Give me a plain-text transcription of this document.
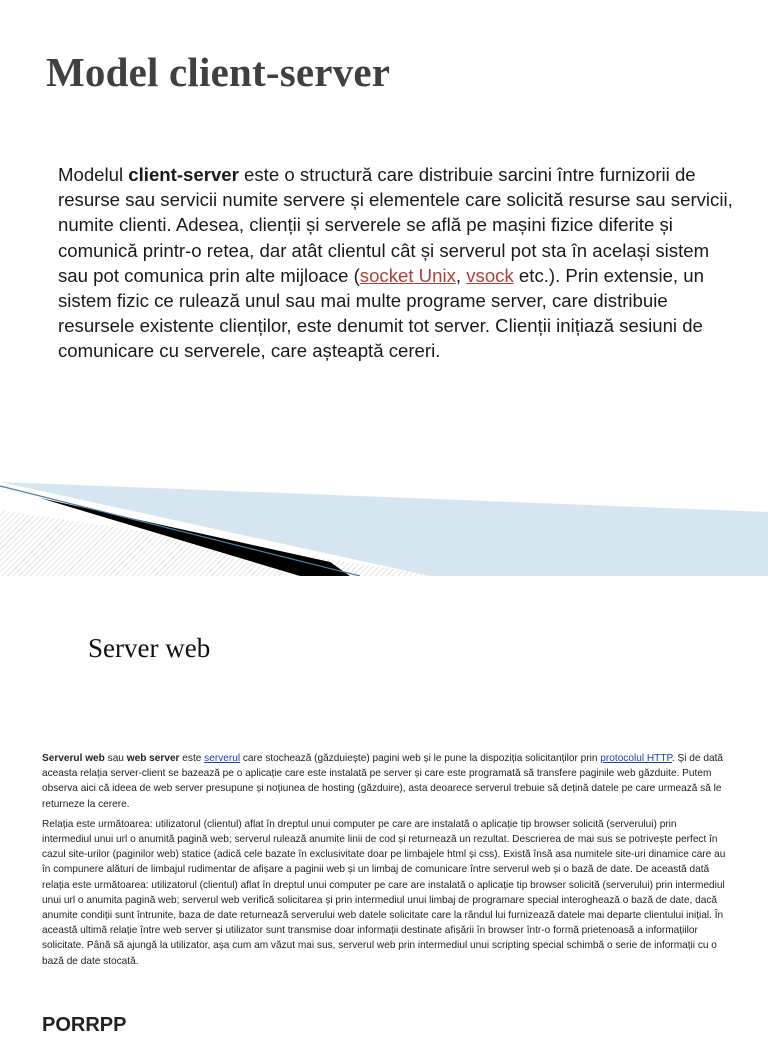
Model client-server

Modelul client-server este o structură care distribuie sarcini între furnizorii de resurse sau servicii numite servere și elementele care solicită resurse sau servicii, numite clienti. Adesea, clienții și serverele se află pe mașini fizice diferite și comunică printr-o retea, dar atât clientul cât și serverul pot sta în același sistem sau pot comunica prin alte mijloace (socket Unix, vsock etc.). Prin extensie, un sistem fizic ce rulează unul sau mai multe programe server, care distribuie resursele existente clienților, este denumit tot server. Clienții inițiază sesiuni de comunicare cu serverele, care așteaptă cereri.

Server web

Serverul web sau web server este serverul care stochează (găzduiește) pagini web și le pune la dispoziția solicitanților prin protocolul HTTP. Și de dată aceasta relația server-client se bazează pe o aplicație care este instalată pe server și care este programată să transfere paginile web găzduite. Putem observa aici că ideea de web server presupune și noțiunea de hosting (găzduire), asta deoarece serverul trebuie să dețină datele pe care urmează să le returneze la cerere.

Relația este următoarea: utilizatorul (clientul) aflat în dreptul unui computer pe care are instalată o aplicație tip browser solicită (serverului) prin intermediul unui url o anumită pagină web; serverul rulează anumite linii de cod și returnează un rezultat. Descrierea de mai sus se potrivește perfect în cazul site-urilor (paginilor web) statice (adică cele bazate în exclusivitate doar pe limbajele html și css). Există însă asa numitele site-uri dinamice care au în compunere alături de limbajul rudimentar de afișare a paginii web și un limbaj de comunicare între serverul web și o bază de date. De această dată relația este următoarea: utilizatorul (clientul) aflat în dreptul unui computer pe care are instalată o aplicație tip browser solicită (serverului) prin intermediul unui url o anumita pagină web; serverul web verifică solicitarea și prin intermediul unui limbaj de programare special interoghează o bază de date, dacă anumite condiții sunt întrunite, baza de date returnează serverului web datele solicitate care la rândul lui furnizează datele mai departe clientului inițial. În această ultimă relație între web server și utilizator sunt transmise doar informații destinate afișării în browser într-o formă prietenoasă a informațiilor solicitate. Până să ajungă la utilizator, așa cum am văzut mai sus, serverul web prin intermediul unui scripting special schimbă o serie de informații cu o bază de date stocată.

PORRPP
